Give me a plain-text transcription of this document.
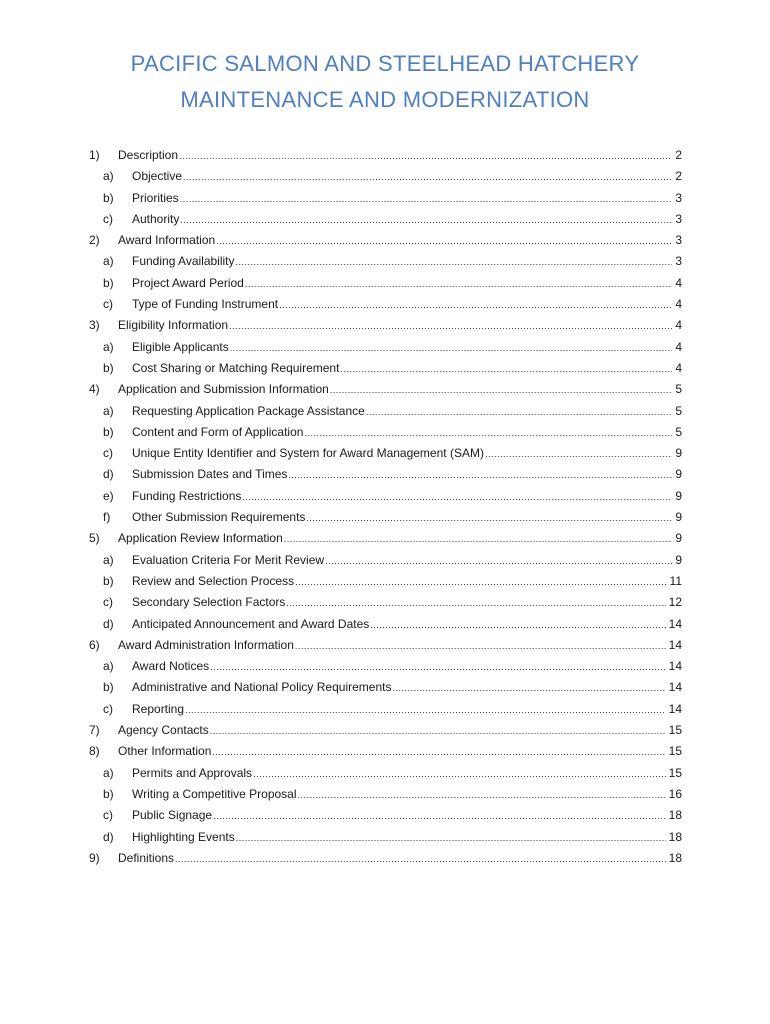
PACIFIC SALMON AND STEELHEAD HATCHERY
MAINTENANCE AND MODERNIZATION
1) Description .....	2
a) Objective .....	2
b) Priorities .....	3
c) Authority .....	3
2) Award Information .....	3
a) Funding Availability .....	3
b) Project Award Period .....	4
c) Type of Funding Instrument .....	4
3) Eligibility Information .....	4
a) Eligible Applicants .....	4
b) Cost Sharing or Matching Requirement .....	4
4) Application and Submission Information .....	5
a) Requesting Application Package Assistance .....	5
b) Content and Form of Application .....	5
c) Unique Entity Identifier and System for Award Management (SAM) .....	9
d) Submission Dates and Times .....	9
e) Funding Restrictions .....	9
f) Other Submission Requirements .....	9
5) Application Review Information .....	9
a) Evaluation Criteria For Merit Review .....	9
b) Review and Selection Process .....	11
c) Secondary Selection Factors .....	12
d) Anticipated Announcement and Award Dates .....	14
6) Award Administration Information .....	14
a) Award Notices .....	14
b) Administrative and National Policy Requirements .....	14
c) Reporting .....	14
7) Agency Contacts .....	15
8) Other Information .....	15
a) Permits and Approvals .....	15
b) Writing a Competitive Proposal .....	16
c) Public Signage .....	18
d) Highlighting Events .....	18
9) Definitions .....	18
